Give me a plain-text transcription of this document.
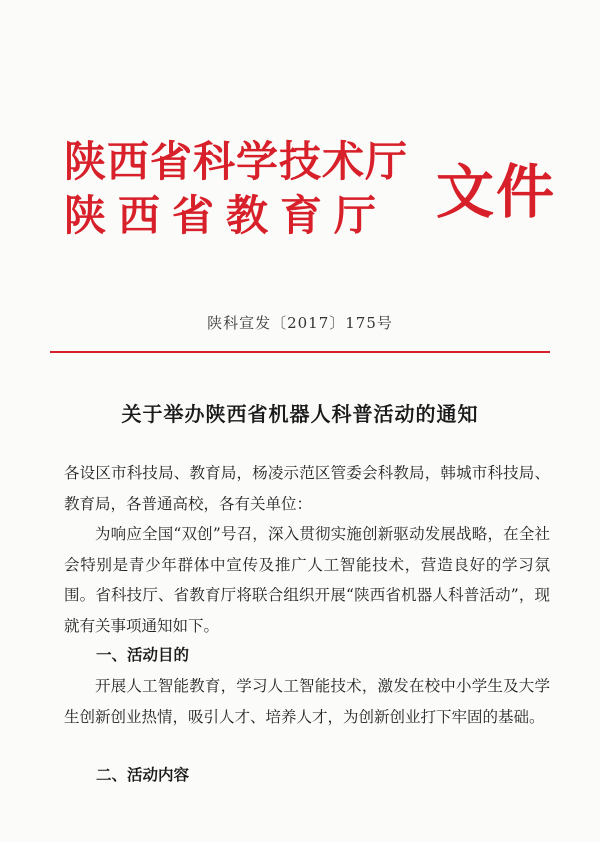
陕西省科学技术厅
陕西省教育厅 文件
陕科宣发〔2017〕175号
关于举办陕西省机器人科普活动的通知
各设区市科技局、教育局，杨凌示范区管委会科教局，韩城市科技局、教育局，各普通高校，各有关单位：
为响应全国“双创”号召，深入贯彻实施创新驱动发展战略，在全社会特别是青少年群体中宣传及推广人工智能技术，营造良好的学习氛围。省科技厅、省教育厅将联合组织开展“陕西省机器人科普活动”，现就有关事项通知如下。
一、活动目的
开展人工智能教育，学习人工智能技术，激发在校中小学生及大学生创新创业热情，吸引人才、培养人才，为创新创业打下牢固的基础。
二、活动内容
